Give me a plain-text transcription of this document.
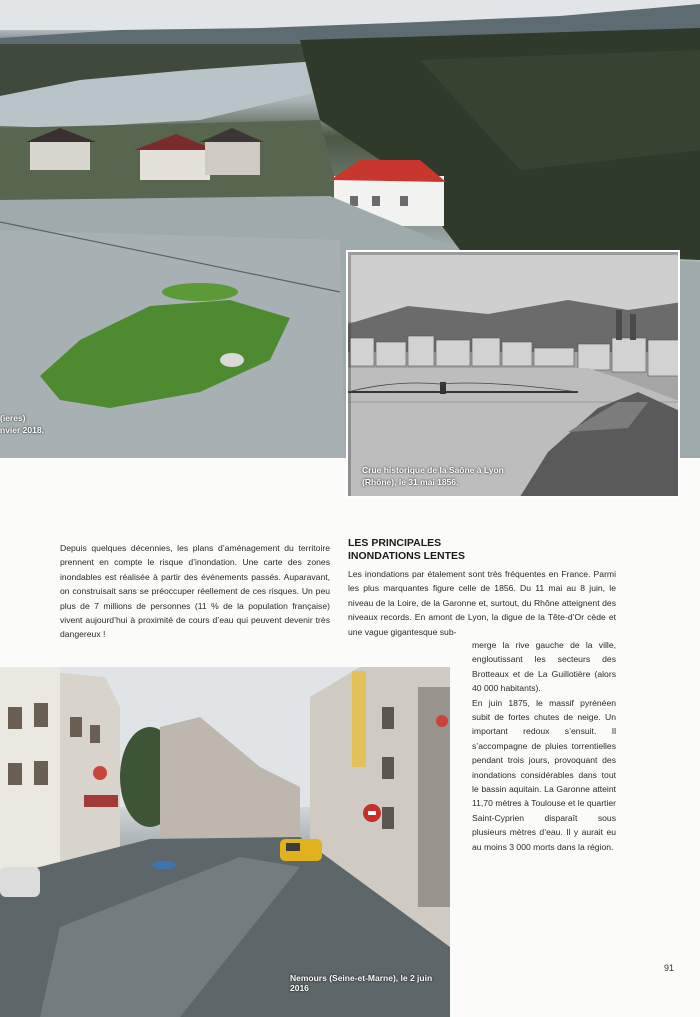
(ieres)
nvier 2018.
Crue historique de la Saône à Lyon
(Rhône), le 31 mai 1856.
Depuis quelques décennies, les plans d’aménagement du territoire prennent en compte le risque d’inondation. Une carte des zones inondables est réalisée à partir des événements passés. Auparavant, on construisait sans se préoccuper réellement de ces risques. Un peu plus de 7 millions de personnes (11 % de la population française) vivent aujourd’hui à proximité de cours d’eau qui peuvent devenir très dangereux !
LES PRINCIPALES
INONDATIONS LENTES
Les inondations par étalement sont très fréquentes en France. Parmi les plus marquantes figure celle de 1856. Du 11 mai au 8 juin, le niveau de la Loire, de la Garonne et, surtout, du Rhône atteignent des niveaux records. En amont de Lyon, la digue de la Tête-d’Or cède et une vague gigantesque sub-
merge la rive gauche de la ville, engloutissant les secteurs des Brotteaux et de La Guillotière (alors 40 000 habitants).
En juin 1875, le massif pyrénéen subit de fortes chutes de neige. Un important redoux s’ensuit. Il s’accompagne de pluies torrentielles pendant trois jours, provoquant des inondations considérables dans tout le bassin aquitain. La Garonne atteint 11,70 mètres à Toulouse et le quartier Saint-Cyprien disparaît sous plusieurs mètres d’eau. Il y aurait eu au moins 3 000 morts dans la région.
Nemours (Seine-et-Marne), le 2 juin 2016
91
